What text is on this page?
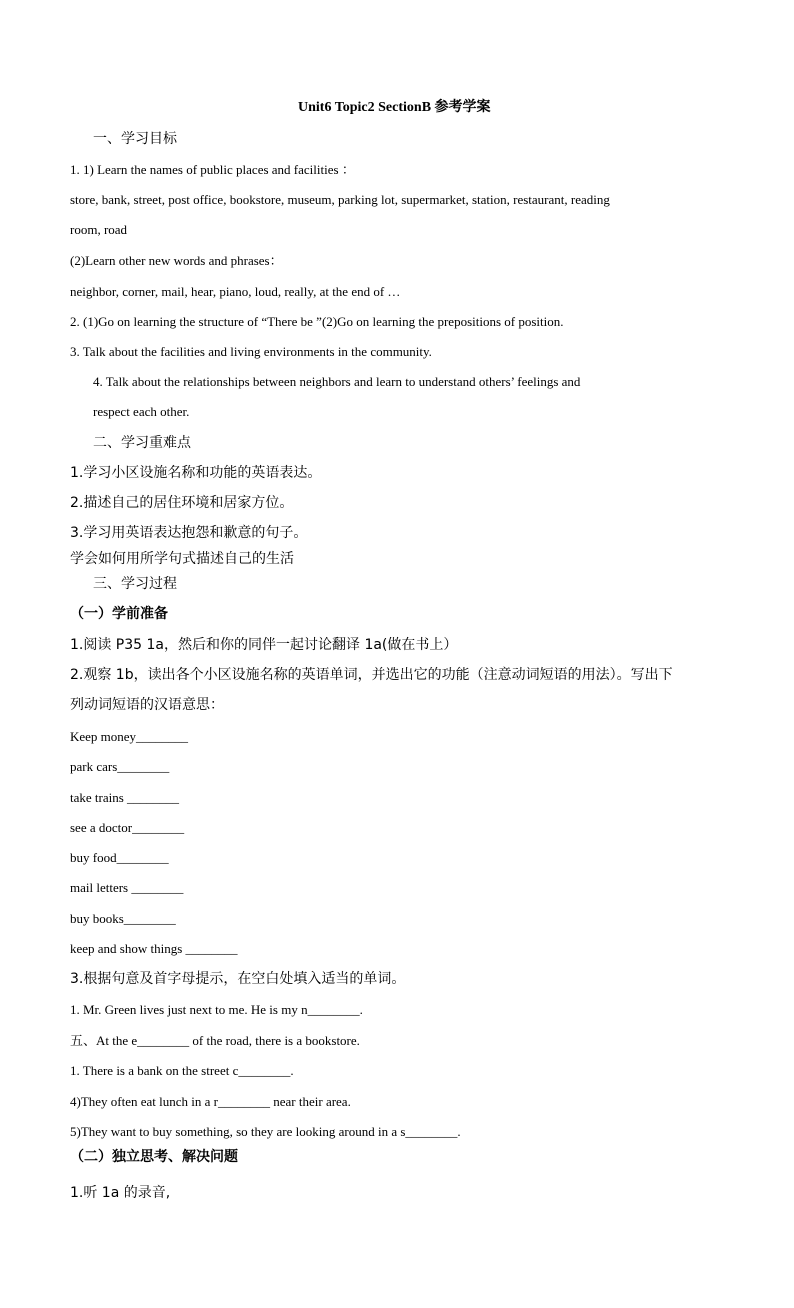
Unit6 Topic2 SectionB 参考学案
一、学习目标
1. 1) Learn the names of public places and facilities ：
store, bank, street, post office, bookstore, museum, parking lot, supermarket, station, restaurant, reading
room, road
(2)Learn other new words and phrases：
neighbor, corner, mail, hear, piano, loud, really, at the end of …
2. (1)Go on learning the structure of “There be ”(2)Go on learning the prepositions of position.
3. Talk about the facilities and living environments in the community.
4. Talk about the relationships between neighbors and learn to understand others’ feelings and
respect each other.
二、学习重难点
1.学习小区设施名称和功能的英语表达。
2.描述自己的居住环境和居家方位。
3.学习用英语表达抱怨和歉意的句子。
学会如何用所学句式描述自己的生活
三、学习过程
（一）学前准备
1.阅读 P35 1a，然后和你的同伴一起讨论翻译 1a(做在书上）
2.观察 1b，读出各个小区设施名称的英语单词，并选出它的功能（注意动词短语的用法）。写出下
列动词短语的汉语意思：
Keep money________
park cars________
take trains ________
see a doctor________
buy food________
mail letters ________
buy books________
keep and show things ________
3.根据句意及首字母提示，在空白处填入适当的单词。
1. Mr. Green lives just next to me. He is my n________.
五、At the e________ of the road, there is a bookstore.
1. There is a bank on the street c________.
4)They often eat lunch in a r________ near their area.
5)They want to buy something, so they are looking around in a s________.
（二）独立思考、解决问题
1.听 1a 的录音,
